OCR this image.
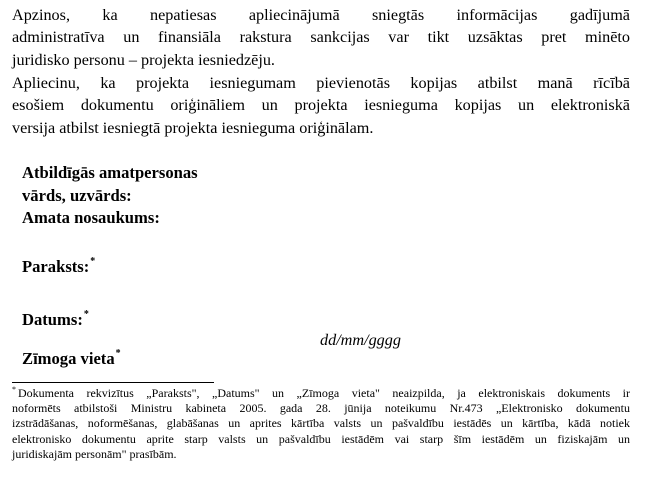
Apzinos, ka nepatiesas apliecinājumā sniegtās informācijas gadījumā
administratīva un finansiāla rakstura sankcijas var tikt uzsāktas pret minēto
juridisko personu – projekta iesniedzēju.
Apliecinu, ka projekta iesniegumam pievienotās kopijas atbilst manā rīcībā
esošiem dokumentu oriģināliem un projekta iesnieguma kopijas un elektroniskā
versija atbilst iesniegtā projekta iesnieguma oriģinālam.
Atbildīgās amatpersonas
vārds, uzvārds:
Amata nosaukums:
Paraksts:*
Datums:*
dd/mm/gggg
Zīmoga vieta*
* Dokumenta rekvizītus „Paraksts", „Datums" un „Zīmoga vieta" neaizpilda, ja elektroniskais dokuments ir
noformēts atbilstoši Ministru kabineta 2005. gada 28. jūnija noteikumu Nr.473 „Elektronisko dokumentu
izstrādāšanas, noformēšanas, glabāšanas un aprites kārtība valsts un pašvaldību iestādēs un kārtība, kādā notiek
elektronisko dokumentu aprite starp valsts un pašvaldību iestādēm vai starp šīm iestādēm un fiziskajām un
juridiskajām personām" prasībām.
